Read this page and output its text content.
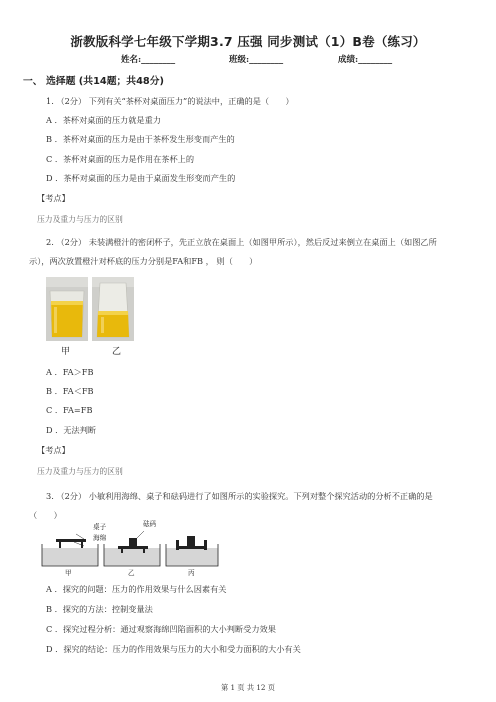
浙教版科学七年级下学期3.7 压强 同步测试（1）B卷（练习）
姓名:________	班级:________	成绩:________
一、 选择题 (共14题；共48分)
1. （2分） 下列有关“茶杯对桌面压力”的说法中，正确的是（　　）
A ．茶杯对桌面的压力就是重力
B ．茶杯对桌面的压力是由于茶杯发生形变而产生的
C ．茶杯对桌面的压力是作用在茶杯上的
D ．茶杯对桌面的压力是由于桌面发生形变而产生的
【考点】
压力及重力与压力的区别
2. （2分） 未装满橙汁的密闭杯子，先正立放在桌面上（如图甲所示），然后反过来倒立在桌面上（如图乙所
示），两次放置橙汁对杯底的压力分别是FA和FB ， 则（　　）
甲	乙
A ．FA＞FB
B ．FA＜FB
C ．FA=FB
D ．无法判断
【考点】
压力及重力与压力的区别
3. （2分） 小敏利用海绵、桌子和砝码进行了如图所示的实验探究。下列对整个探究活动的分析不正确的是
（　　）
桌子
海绵
砝码
甲	乙	丙
A ．探究的问题：压力的作用效果与什么因素有关
B ．探究的方法：控制变量法
C ．探究过程分析：通过观察海绵凹陷面积的大小判断受力效果
D ．探究的结论：压力的作用效果与压力的大小和受力面积的大小有关
第 1 页 共 12 页
